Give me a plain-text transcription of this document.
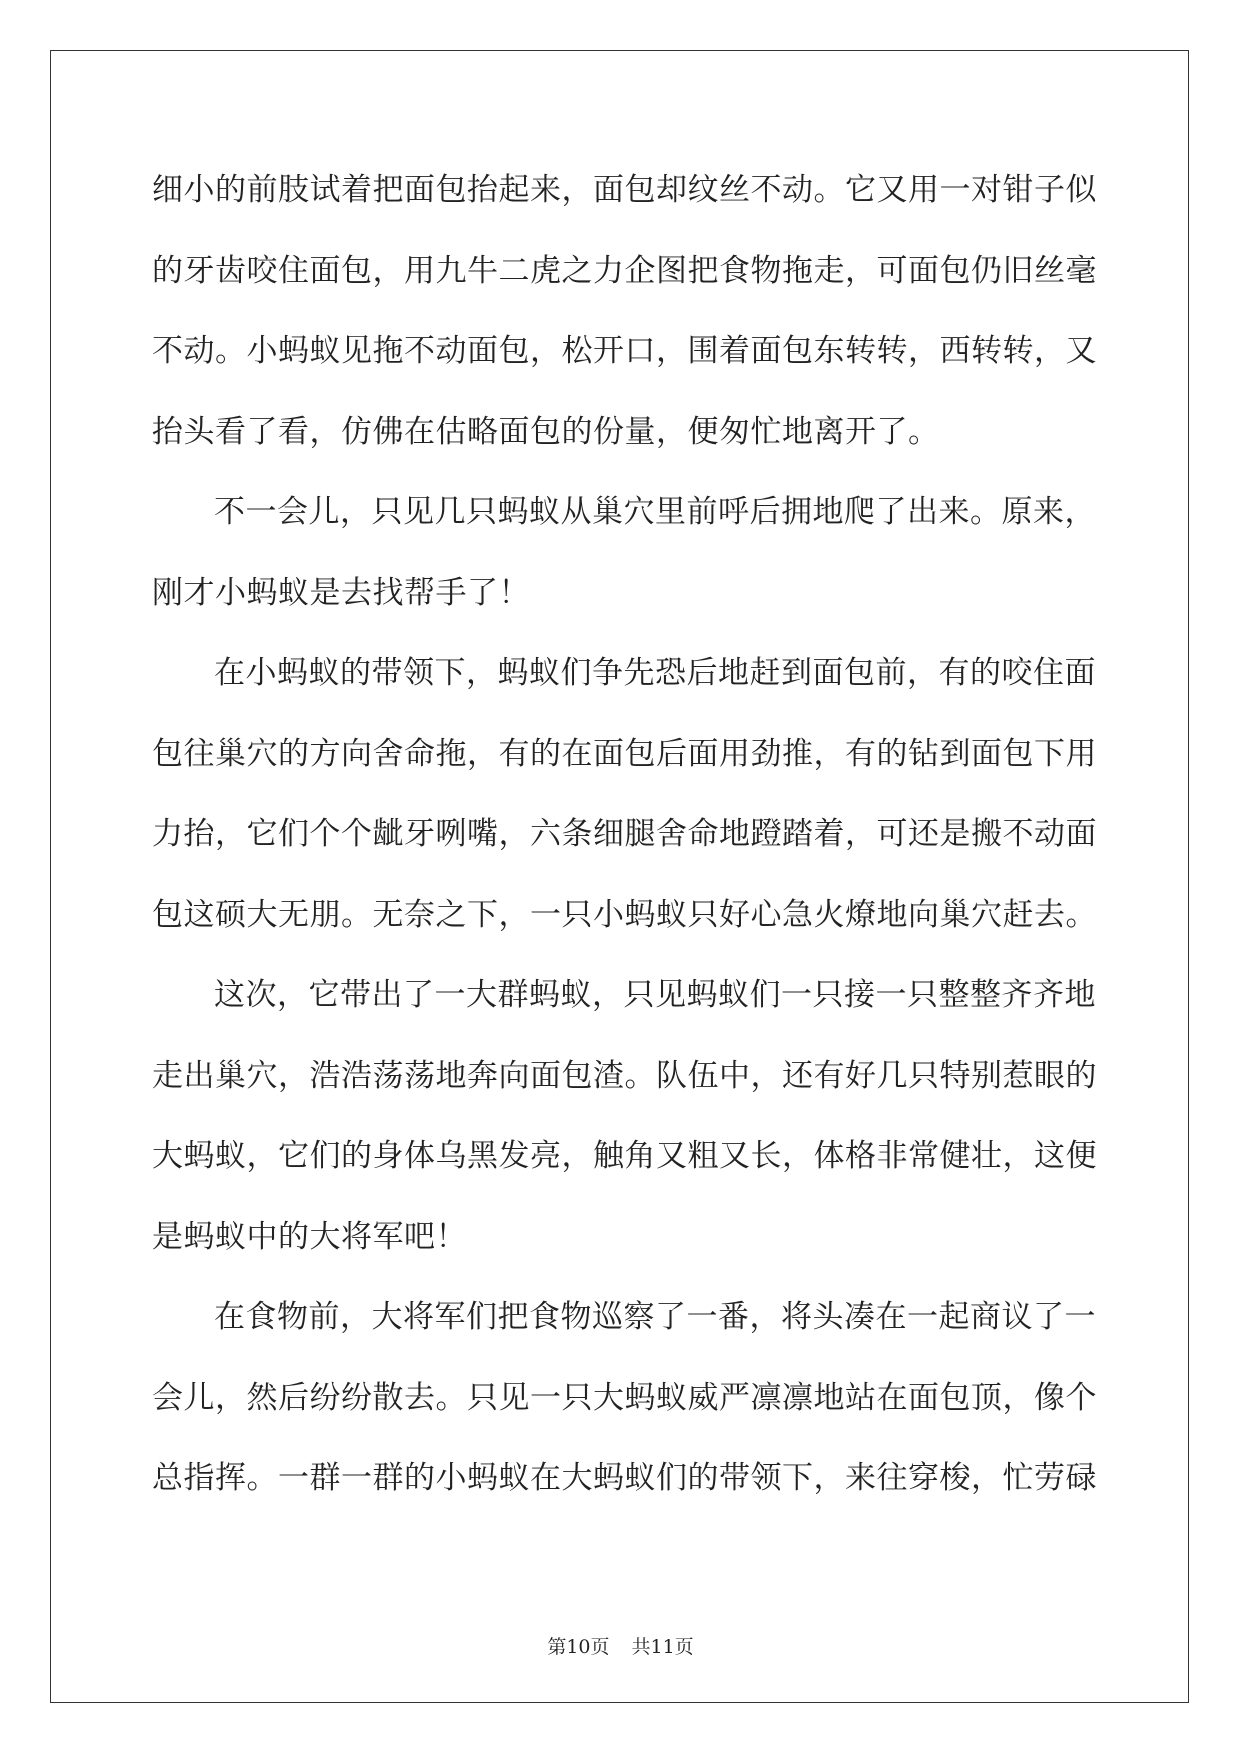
细小的前肢试着把面包抬起来，面包却纹丝不动。它又用一对钳子似
的牙齿咬住面包，用九牛二虎之力企图把食物拖走，可面包仍旧丝毫
不动。小蚂蚁见拖不动面包，松开口，围着面包东转转，西转转，又
抬头看了看，仿佛在估略面包的份量，便匆忙地离开了。
不一会儿，只见几只蚂蚁从巢穴里前呼后拥地爬了出来。原来，
刚才小蚂蚁是去找帮手了！
在小蚂蚁的带领下，蚂蚁们争先恐后地赶到面包前，有的咬住面
包往巢穴的方向舍命拖，有的在面包后面用劲推，有的钻到面包下用
力抬，它们个个龇牙咧嘴，六条细腿舍命地蹬踏着，可还是搬不动面
包这硕大无朋。无奈之下，一只小蚂蚁只好心急火燎地向巢穴赶去。
这次，它带出了一大群蚂蚁，只见蚂蚁们一只接一只整整齐齐地
走出巢穴，浩浩荡荡地奔向面包渣。队伍中，还有好几只特别惹眼的
大蚂蚁，它们的身体乌黑发亮，触角又粗又长，体格非常健壮，这便
是蚂蚁中的大将军吧！
在食物前，大将军们把食物巡察了一番，将头凑在一起商议了一
会儿，然后纷纷散去。只见一只大蚂蚁威严凛凛地站在面包顶，像个
总指挥。一群一群的小蚂蚁在大蚂蚁们的带领下，来往穿梭，忙劳碌
第10页 共11页
